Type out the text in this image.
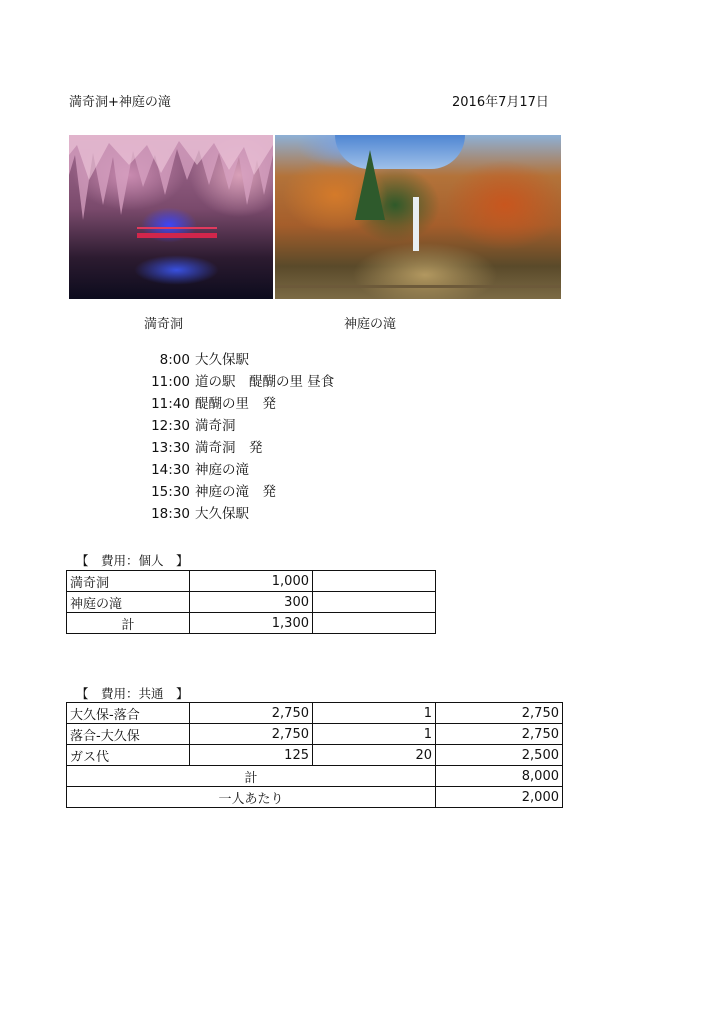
満奇洞+神庭の滝	2016年7月17日
満奇洞	神庭の滝
8:00 大久保駅
11:00 道の駅　醍醐の里 昼食
11:40 醍醐の里　発
12:30 満奇洞
13:30 満奇洞　発
14:30 神庭の滝
15:30 神庭の滝　発
18:30 大久保駅
【　費用：個人　】
満奇洞	1,000	
神庭の滝	300	
計	1,300	
【　費用：共通　】
大久保-落合	2,750	1	2,750
落合-大久保	2,750	1	2,750
ガス代	125	20	2,500
計			8,000
一人あたり			2,000
